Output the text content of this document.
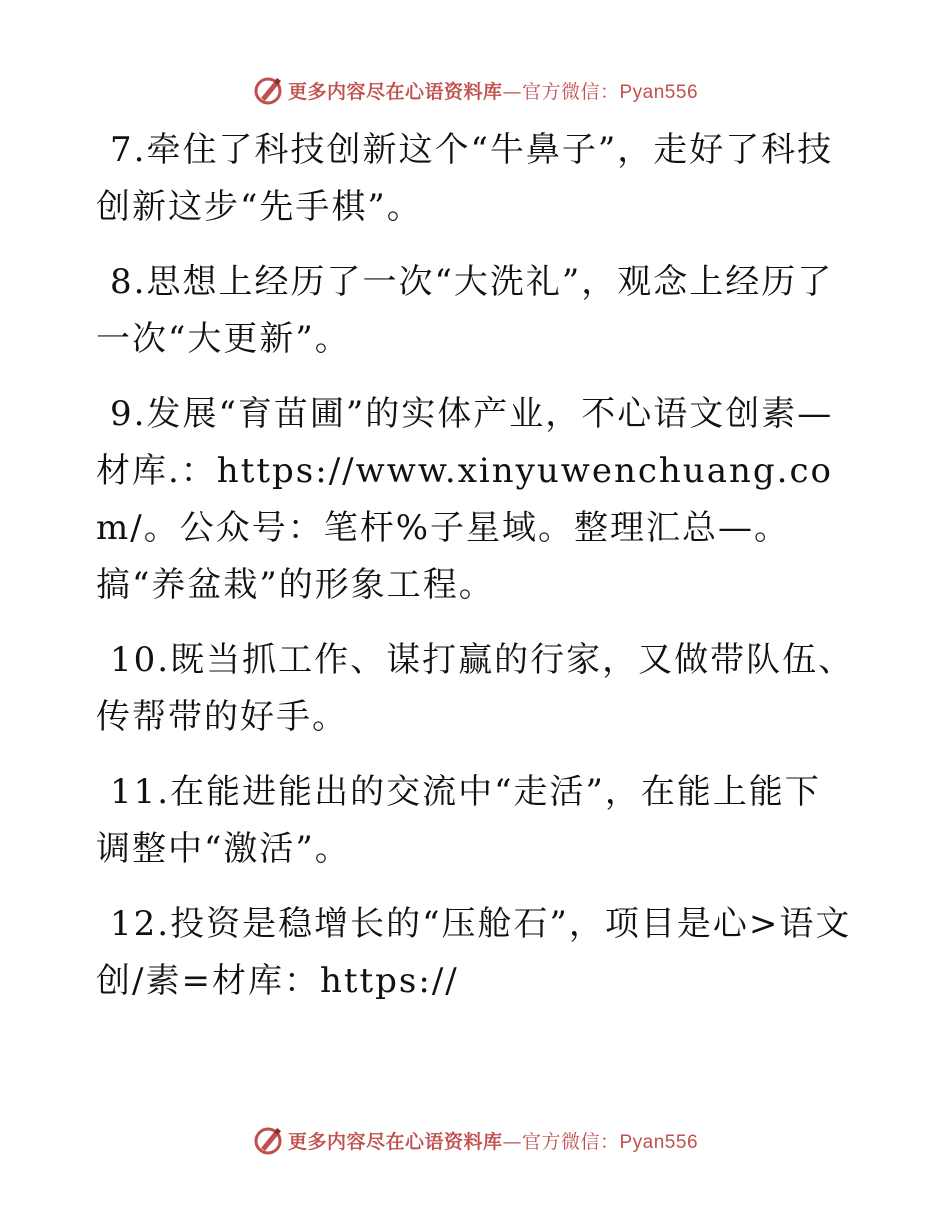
更多内容尽在心语资料库—官方微信：Pyan556

7.牵住了科技创新这个“牛鼻子”，走好了科技创新这步“先手棋”。

8.思想上经历了一次“大洗礼”，观念上经历了一次“大更新”。

9.发展“育苗圃”的实体产业，不心语文创素—材库.：https://www.xinyuwenchuang.com/。公众号：笔杆%子星域。整理汇总—。搞“养盆栽”的形象工程。

10.既当抓工作、谋打赢的行家，又做带队伍、传帮带的好手。

11.在能进能出的交流中“走活”，在能上能下调整中“激活”。

12.投资是稳增长的“压舱石”，项目是心>语文创/素=材库：https://

更多内容尽在心语资料库—官方微信：Pyan556
